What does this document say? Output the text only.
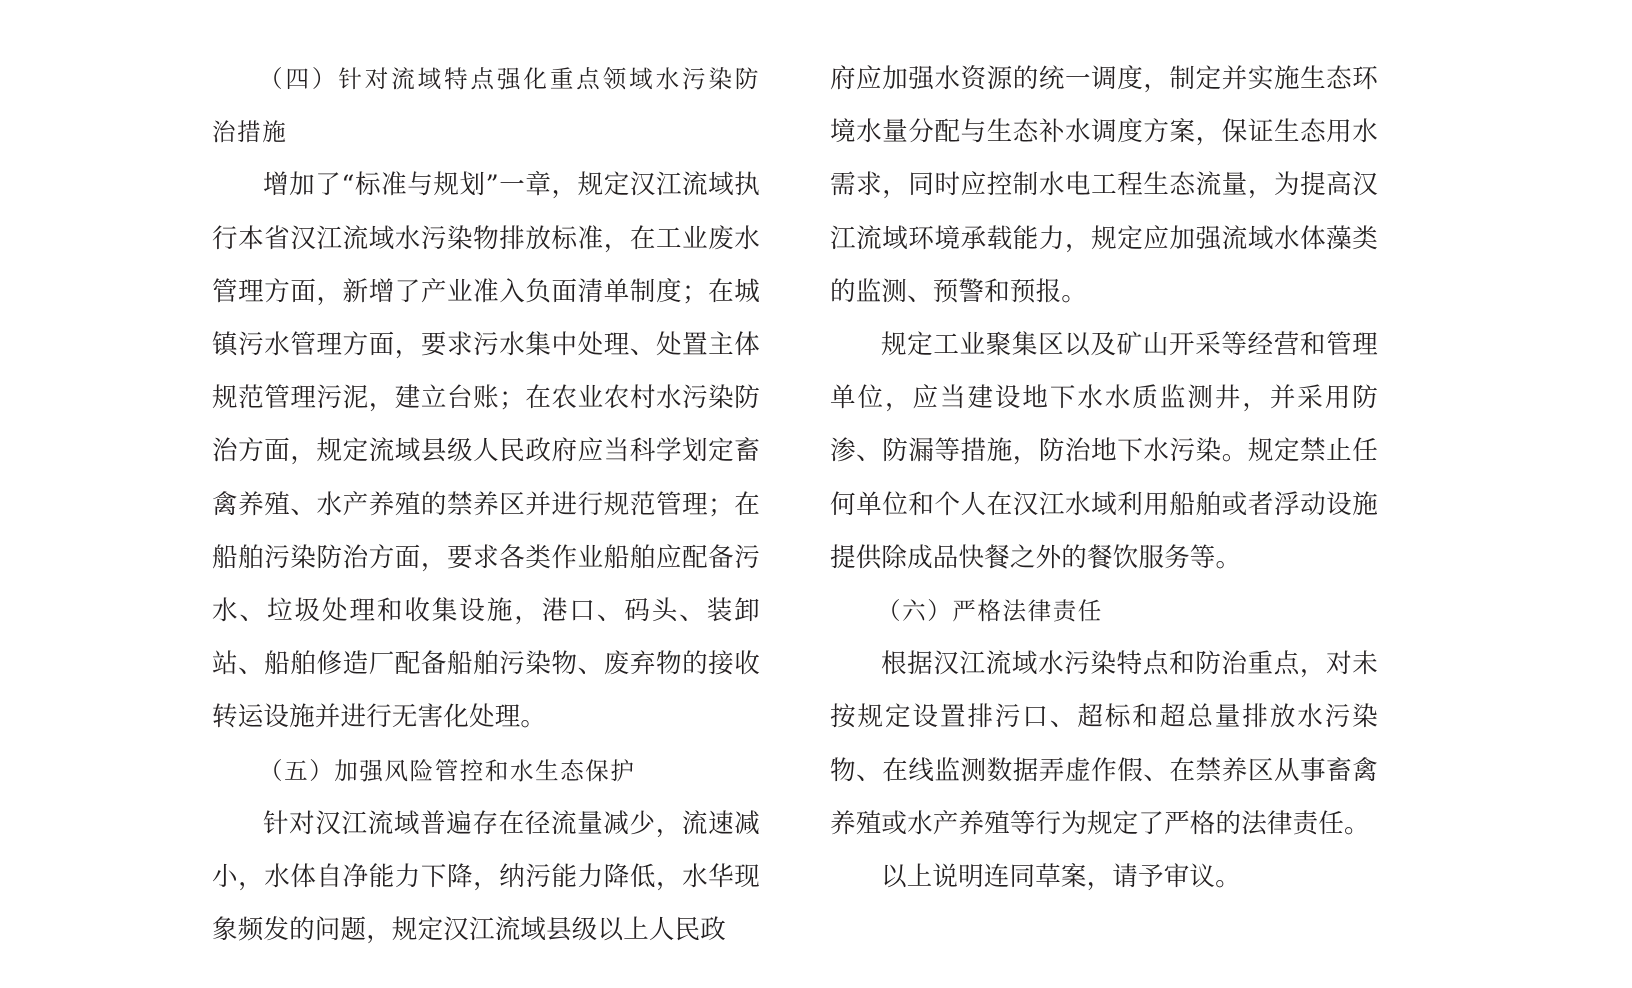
（四）针对流域特点强化重点领域水污染防治措施

增加了“标准与规划”一章，规定汉江流域执行本省汉江流域水污染物排放标准，在工业废水管理方面，新增了产业准入负面清单制度；在城镇污水管理方面，要求污水集中处理、处置主体规范管理污泥，建立台账；在农业农村水污染防治方面，规定流域县级人民政府应当科学划定畜禽养殖、水产养殖的禁养区并进行规范管理；在船舶污染防治方面，要求各类作业船舶应配备污水、垃圾处理和收集设施，港口、码头、装卸站、船舶修造厂配备船舶污染物、废弃物的接收转运设施并进行无害化处理。

（五）加强风险管控和水生态保护

针对汉江流域普遍存在径流量减少，流速减小，水体自净能力下降，纳污能力降低，水华现象频发的问题，规定汉江流域县级以上人民政

府应加强水资源的统一调度，制定并实施生态环境水量分配与生态补水调度方案，保证生态用水需求，同时应控制水电工程生态流量，为提高汉江流域环境承载能力，规定应加强流域水体藻类的监测、预警和预报。

规定工业聚集区以及矿山开采等经营和管理单位，应当建设地下水水质监测井，并采用防渗、防漏等措施，防治地下水污染。规定禁止任何单位和个人在汉江水域利用船舶或者浮动设施提供除成品快餐之外的餐饮服务等。

（六）严格法律责任

根据汉江流域水污染特点和防治重点，对未按规定设置排污口、超标和超总量排放水污染物、在线监测数据弄虚作假、在禁养区从事畜禽养殖或水产养殖等行为规定了严格的法律责任。

以上说明连同草案，请予审议。
